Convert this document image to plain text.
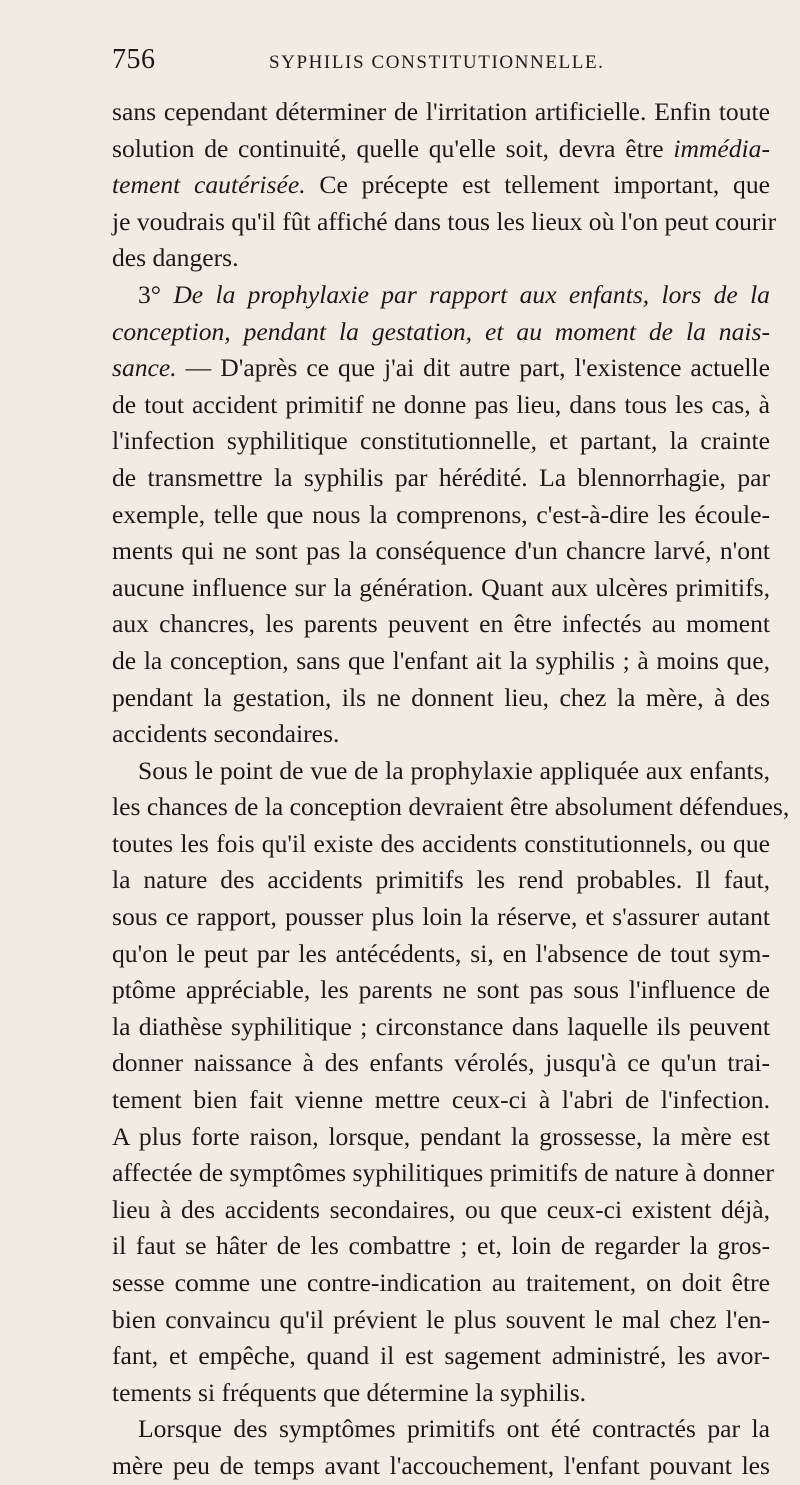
756	SYPHILIS CONSTITUTIONNELLE.
sans cependant déterminer de l'irritation artificielle. Enfin toute
solution de continuité, quelle qu'elle soit, devra être immédia-
tement cautérisée. Ce précepte est tellement important, que
je voudrais qu'il fût affiché dans tous les lieux où l'on peut courir
des dangers.
3° De la prophylaxie par rapport aux enfants, lors de la
conception, pendant la gestation, et au moment de la nais-
sance. — D'après ce que j'ai dit autre part, l'existence actuelle
de tout accident primitif ne donne pas lieu, dans tous les cas, à
l'infection syphilitique constitutionnelle, et partant, la crainte
de transmettre la syphilis par hérédité. La blennorrhagie, par
exemple, telle que nous la comprenons, c'est-à-dire les écoule-
ments qui ne sont pas la conséquence d'un chancre larvé, n'ont
aucune influence sur la génération. Quant aux ulcères primitifs,
aux chancres, les parents peuvent en être infectés au moment
de la conception, sans que l'enfant ait la syphilis ; à moins que,
pendant la gestation, ils ne donnent lieu, chez la mère, à des
accidents secondaires.
Sous le point de vue de la prophylaxie appliquée aux enfants,
les chances de la conception devraient être absolument défendues,
toutes les fois qu'il existe des accidents constitutionnels, ou que
la nature des accidents primitifs les rend probables. Il faut,
sous ce rapport, pousser plus loin la réserve, et s'assurer autant
qu'on le peut par les antécédents, si, en l'absence de tout sym-
ptôme appréciable, les parents ne sont pas sous l'influence de
la diathèse syphilitique ; circonstance dans laquelle ils peuvent
donner naissance à des enfants vérolés, jusqu'à ce qu'un trai-
tement bien fait vienne mettre ceux-ci à l'abri de l'infection.
A plus forte raison, lorsque, pendant la grossesse, la mère est
affectée de symptômes syphilitiques primitifs de nature à donner
lieu à des accidents secondaires, ou que ceux-ci existent déjà,
il faut se hâter de les combattre ; et, loin de regarder la gros-
sesse comme une contre-indication au traitement, on doit être
bien convaincu qu'il prévient le plus souvent le mal chez l'en-
fant, et empêche, quand il est sagement administré, les avor-
tements si fréquents que détermine la syphilis.
Lorsque des symptômes primitifs ont été contractés par la
mère peu de temps avant l'accouchement, l'enfant pouvant les
